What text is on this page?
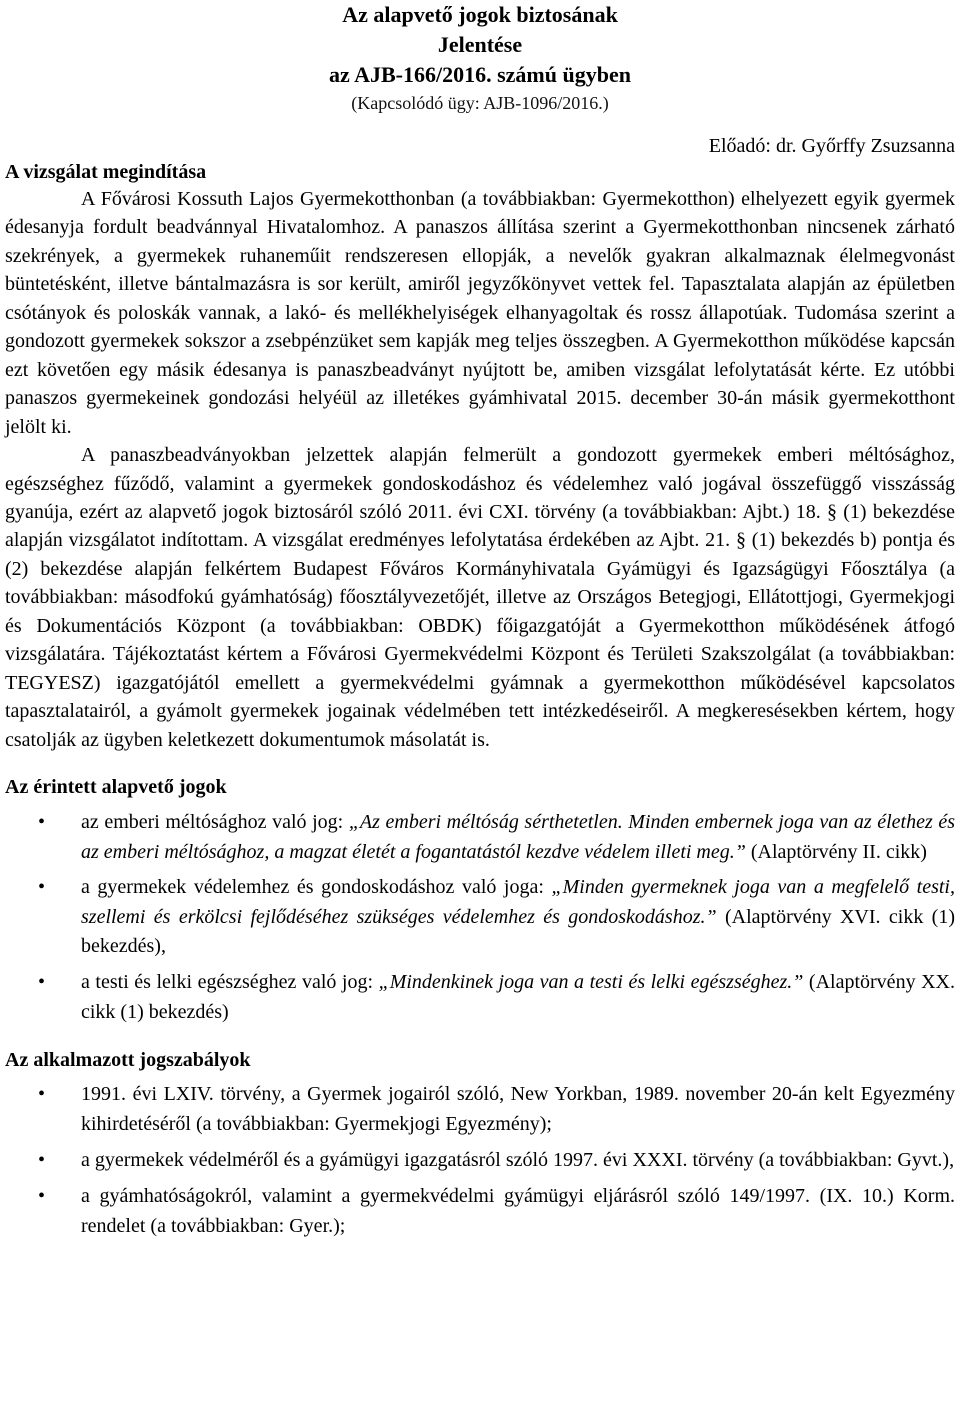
Az alapvető jogok biztosának
Jelentése
az AJB-166/2016. számú ügyben
(Kapcsolódó ügy: AJB-1096/2016.)
Előadó: dr. Győrffy Zsuzsanna
A vizsgálat megindítása

A Fővárosi Kossuth Lajos Gyermekotthonban (a továbbiakban: Gyermekotthon) elhelyezett egyik gyermek édesanyja fordult beadvánnyal Hivatalomhoz. A panaszos állítása szerint a Gyermekotthonban nincsenek zárható szekrények, a gyermekek ruhaneműit rendszeresen ellopják, a nevelők gyakran alkalmaznak élelmegvonást büntetésként, illetve bántalmazásra is sor került, amiről jegyzőkönyvet vettek fel. Tapasztalata alapján az épületben csótányok és poloskák vannak, a lakó- és mellékhelyiségek elhanyagoltak és rossz állapotúak. Tudomása szerint a gondozott gyermekek sokszor a zsebpénzüket sem kapják meg teljes összegben. A Gyermekotthon működése kapcsán ezt követően egy másik édesanya is panaszbeadványt nyújtott be, amiben vizsgálat lefolytatását kérte. Ez utóbbi panaszos gyermekeinek gondozási helyéül az illetékes gyámhivatal 2015. december 30-án másik gyermekotthont jelölt ki.

A panaszbeadványokban jelzettek alapján felmerült a gondozott gyermekek emberi méltósághoz, egészséghez fűződő, valamint a gyermekek gondoskodáshoz és védelemhez való jogával összefüggő visszásság gyanúja, ezért az alapvető jogok biztosáról szóló 2011. évi CXI. törvény (a továbbiakban: Ajbt.) 18. § (1) bekezdése alapján vizsgálatot indítottam. A vizsgálat eredményes lefolytatása érdekében az Ajbt. 21. § (1) bekezdés b) pontja és (2) bekezdése alapján felkértem Budapest Főváros Kormányhivatala Gyámügyi és Igazságügyi Főosztálya (a továbbiakban: másodfokú gyámhatóság) főosztályvezetőjét, illetve az Országos Betegjogi, Ellátottjogi, Gyermekjogi és Dokumentációs Központ (a továbbiakban: OBDK) főigazgatóját a Gyermekotthon működésének átfogó vizsgálatára. Tájékoztatást kértem a Fővárosi Gyermekvédelmi Központ és Területi Szakszolgálat (a továbbiakban: TEGYESZ) igazgatójától emellett a gyermekvédelmi gyámnak a gyermekotthon működésével kapcsolatos tapasztalatairól, a gyámolt gyermekek jogainak védelmében tett intézkedéseiről. A megkeresésekben kértem, hogy csatolják az ügyben keletkezett dokumentumok másolatát is.

Az érintett alapvető jogok
• az emberi méltósághoz való jog: „Az emberi méltóság sérthetetlen. Minden embernek joga van az élethez és az emberi méltósághoz, a magzat életét a fogantatástól kezdve védelem illeti meg.” (Alaptörvény II. cikk)
• a gyermekek védelemhez és gondoskodáshoz való joga: „Minden gyermeknek joga van a megfelelő testi, szellemi és erkölcsi fejlődéséhez szükséges védelemhez és gondoskodáshoz.” (Alaptörvény XVI. cikk (1) bekezdés),
• a testi és lelki egészséghez való jog: „Mindenkinek joga van a testi és lelki egészséghez.” (Alaptörvény XX. cikk (1) bekezdés)
Az alkalmazott jogszabályok
• 1991. évi LXIV. törvény, a Gyermek jogairól szóló, New Yorkban, 1989. november 20-án kelt Egyezmény kihirdetéséről (a továbbiakban: Gyermekjogi Egyezmény);
• a gyermekek védelméről és a gyámügyi igazgatásról szóló 1997. évi XXXI. törvény (a továbbiakban: Gyvt.),
• a gyámhatóságokról, valamint a gyermekvédelmi gyámügyi eljárásról szóló 149/1997. (IX. 10.) Korm. rendelet (a továbbiakban: Gyer.);
